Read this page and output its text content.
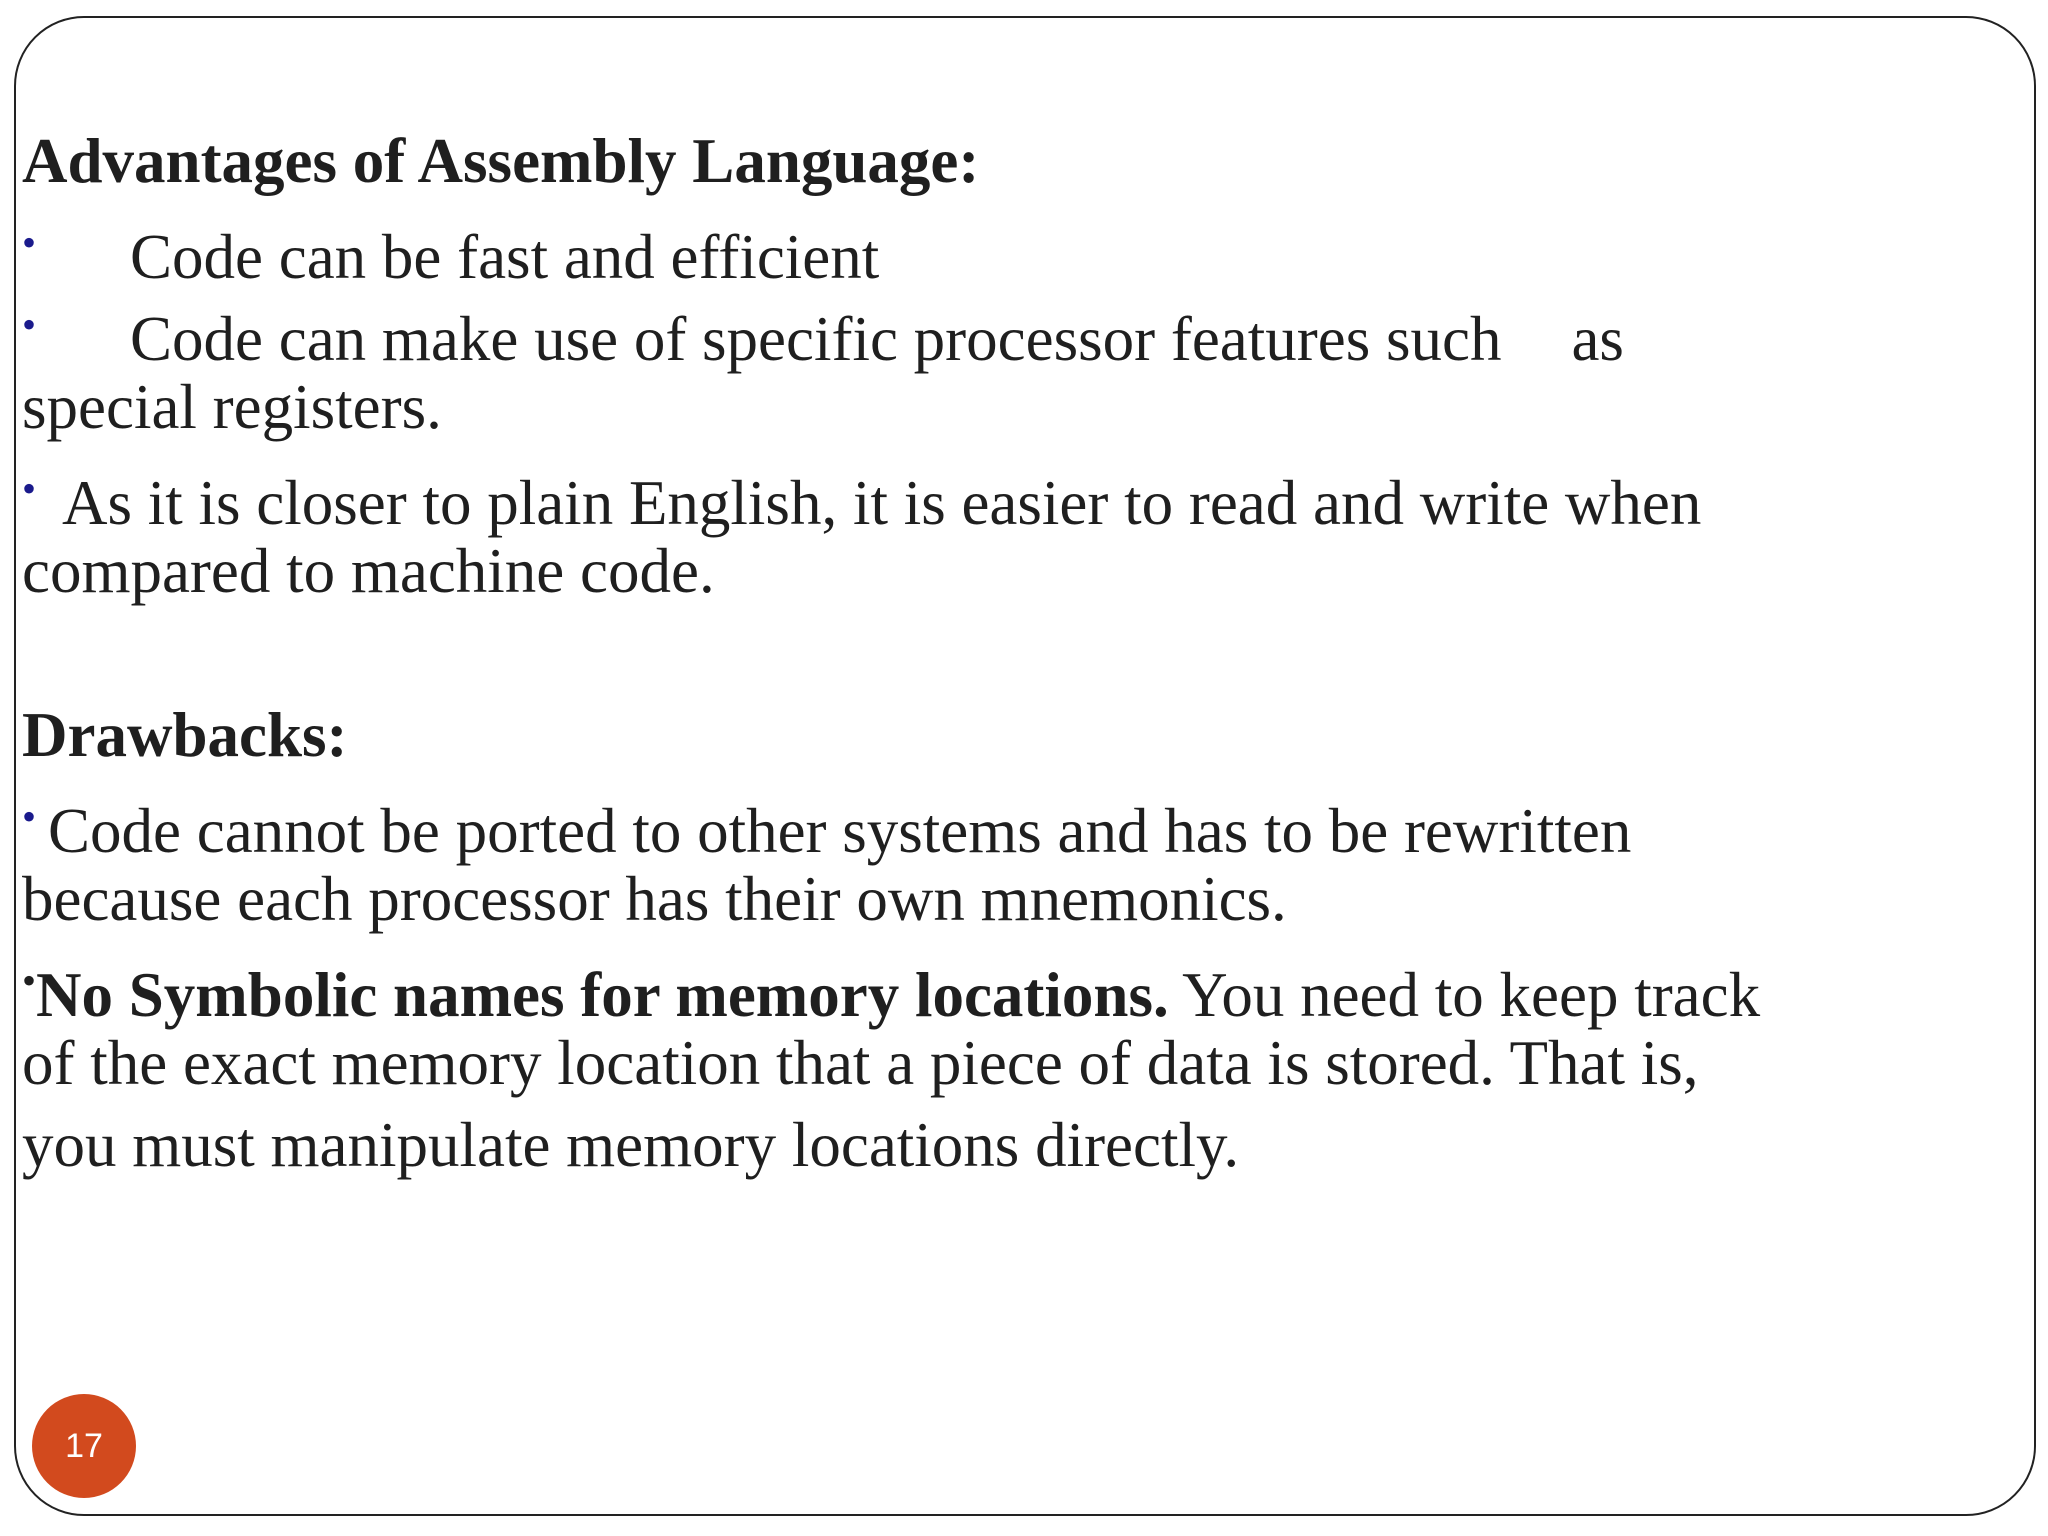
Advantages of Assembly Language:
• Code can be fast and efficient
• Code can make use of specific processor features such as
special registers.
• As it is closer to plain English, it is easier to read and write when
compared to machine code.
Drawbacks:
• Code cannot be ported to other systems and has to be rewritten
because each processor has their own mnemonics.
•No Symbolic names for memory locations. You need to keep track
of the exact memory location that a piece of data is stored. That is,
you must manipulate memory locations directly.
17
